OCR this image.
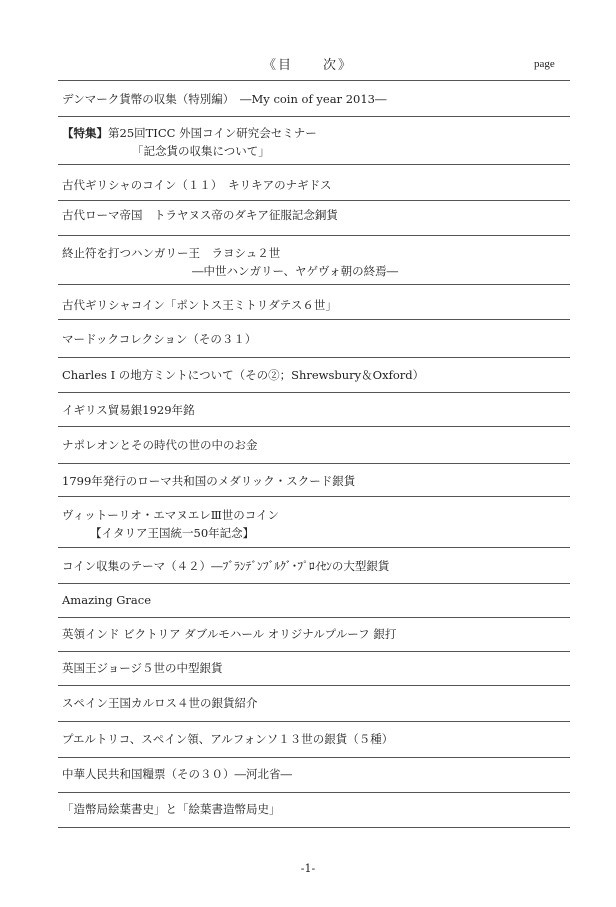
《目　　次》	page
デンマーク貨幣の収集（特別編）　―My coin of year 2013―
【特集】第25回TICC 外国コイン研究会セミナー
「記念貨の収集について」
古代ギリシャのコイン（１１）　キリキアのナギドス
古代ローマ帝国　トラヤヌス帝のダキア征服記念銅貨
終止符を打つハンガリー王　ラヨシュ２世
―中世ハンガリー、ヤゲヴォ朝の終焉―
古代ギリシャコイン「ポントス王ミトリダテス６世」
マードックコレクション（その３１）
Charles I の地方ミントについて（その②；Shrewsbury＆Oxford）
イギリス貿易銀1929年銘
ナポレオンとその時代の世の中のお金
1799年発行のローマ共和国のメダリック・スクード銀貨
ヴィットーリオ・エマヌエレⅢ世のコイン
【イタリア王国統一50年記念】
コイン収集のテーマ（４２）―ﾌﾞﾗﾝﾃﾞﾝﾌﾞﾙｸﾞ･ﾌﾟﾛｲｾﾝの大型銀貨
Amazing Grace
英領インド ビクトリア ダブルモハール オリジナルプルーフ 銀打
英国王ジョージ５世の中型銀貨
スペイン王国カルロス４世の銀貨紹介
プエルトリコ、スペイン領、アルフォンソ１３世の銀貨（５種）
中華人民共和国糧票（その３０）―河北省―
「造幣局絵葉書史」と「絵葉書造幣局史」
-1-
